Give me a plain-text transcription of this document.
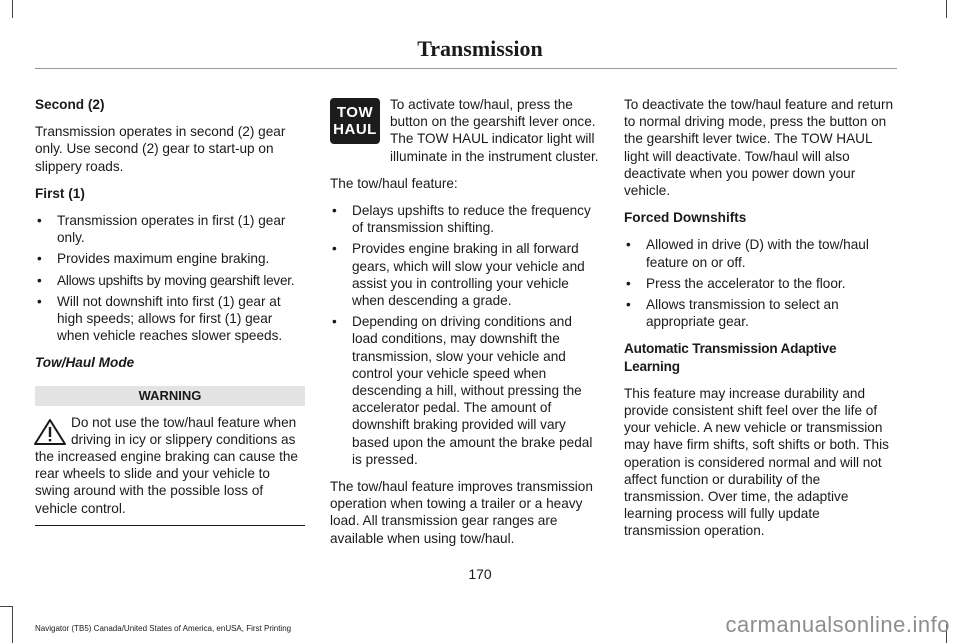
Transmission
Second (2)
Transmission operates in second (2) gear only. Use second (2) gear to start-up on slippery roads.
First (1)
• Transmission operates in first (1) gear only.
• Provides maximum engine braking.
• Allows upshifts by moving gearshift lever.
• Will not downshift into first (1) gear at high speeds; allows for first (1) gear when vehicle reaches slower speeds.
Tow/Haul Mode
WARNING
Do not use the tow/haul feature when driving in icy or slippery conditions as the increased engine braking can cause the rear wheels to slide and your vehicle to swing around with the possible loss of vehicle control.
TOW
HAUL
To activate tow/haul, press the button on the gearshift lever once. The TOW HAUL indicator light will illuminate in the instrument cluster.
The tow/haul feature:
• Delays upshifts to reduce the frequency of transmission shifting.
• Provides engine braking in all forward gears, which will slow your vehicle and assist you in controlling your vehicle when descending a grade.
• Depending on driving conditions and load conditions, may downshift the transmission, slow your vehicle and control your vehicle speed when descending a hill, without pressing the accelerator pedal. The amount of downshift braking provided will vary based upon the amount the brake pedal is pressed.
The tow/haul feature improves transmission operation when towing a trailer or a heavy load. All transmission gear ranges are available when using tow/haul.
To deactivate the tow/haul feature and return to normal driving mode, press the button on the gearshift lever twice. The TOW HAUL light will deactivate. Tow/haul will also deactivate when you power down your vehicle.
Forced Downshifts
• Allowed in drive (D) with the tow/haul feature on or off.
• Press the accelerator to the floor.
• Allows transmission to select an appropriate gear.
Automatic Transmission Adaptive Learning
This feature may increase durability and provide consistent shift feel over the life of your vehicle. A new vehicle or transmission may have firm shifts, soft shifts or both. This operation is considered normal and will not affect function or durability of the transmission. Over time, the adaptive learning process will fully update transmission operation.
170
Navigator (TB5) Canada/United States of America, enUSA, First Printing	carmanualsonline.info
